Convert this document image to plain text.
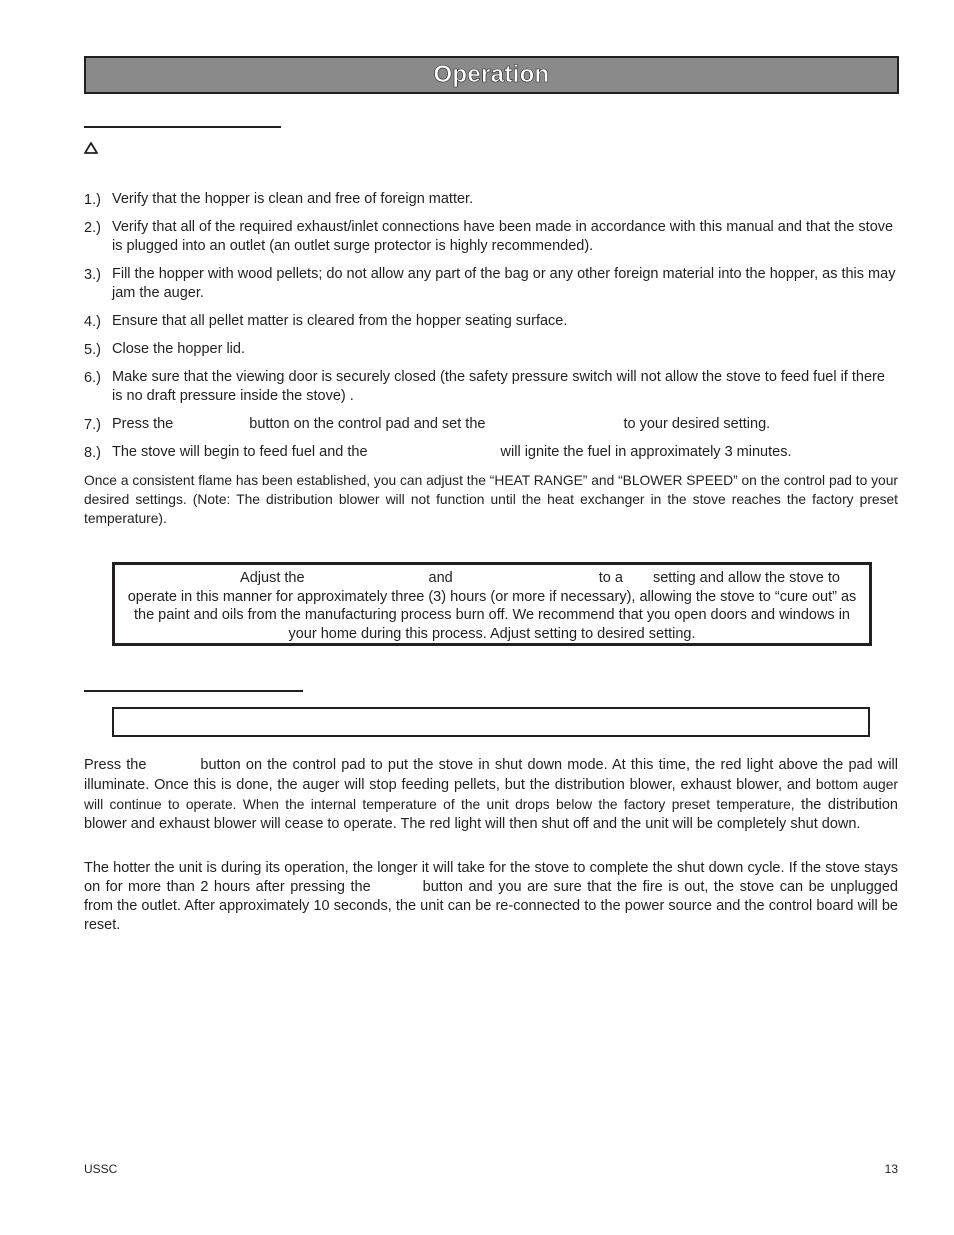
Operation
1.) Verify that the hopper is clean and free of foreign matter.
2.) Verify that all of the required exhaust/inlet connections have been made in accordance with this manual and that the stove is plugged into an outlet (an outlet surge protector is highly recommended).
3.) Fill the hopper with wood pellets; do not allow any part of the bag or any other foreign material into the hopper, as this may jam the auger.
4.) Ensure that all pellet matter is cleared from the hopper seating surface.
5.) Close the hopper lid.
6.) Make sure that the viewing door is securely closed (the safety pressure switch will not allow the stove to feed fuel if there is no draft pressure inside the stove) .
7.) Press the	button on the control pad and set the	to your desired setting.
8.) The stove will begin to feed fuel and the	will ignite the fuel in approximately 3 minutes.

Once a consistent flame has been established, you can adjust the “HEAT RANGE” and “BLOWER SPEED” on the control pad to your desired settings. (Note: The distribution blower will not function until the heat exchanger in the stove reaches the factory preset temperature).

Adjust the	and	to a setting and allow the stove to operate in this manner for approximately three (3) hours (or more if necessary), allowing the stove to “cure out” as the paint and oils from the manufacturing process burn off. We recommend that you open doors and windows in your home during this process. Adjust setting to desired setting.

Press the	button on the control pad to put the stove in shut down mode. At this time, the red light above the pad will illuminate. Once this is done, the auger will stop feeding pellets, but the distribution blower, exhaust blower, and bottom auger will continue to operate. When the internal temperature of the unit drops below the factory preset temperature, the distribution blower and exhaust blower will cease to operate. The red light will then shut off and the unit will be completely shut down.

The hotter the unit is during its operation, the longer it will take for the stove to complete the shut down cycle. If the stove stays on for more than 2 hours after pressing the	button and you are sure that the fire is out, the stove can be unplugged from the outlet. After approximately 10 seconds, the unit can be re-connected to the power source and the control board will be reset.

USSC	13
